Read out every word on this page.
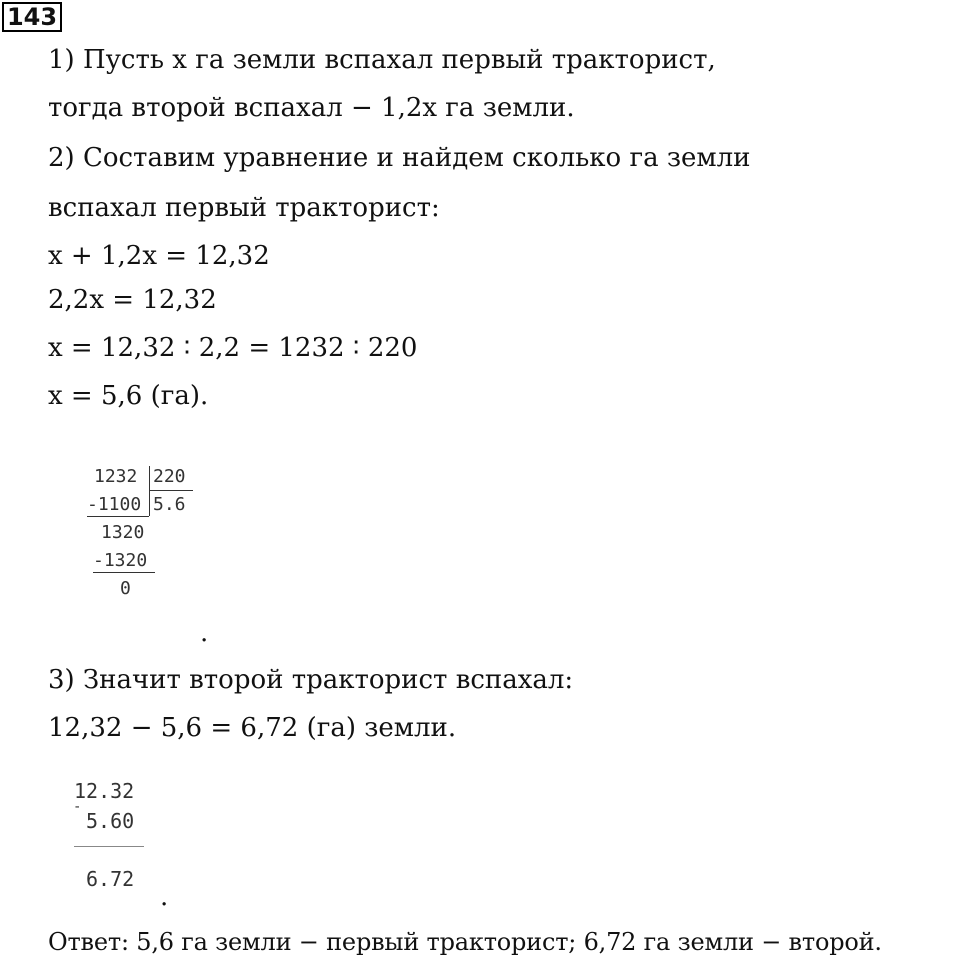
143
1) Пусть x га земли вспахал первый тракторист,
тогда второй вспахал − 1,2x га земли.
2) Составим уравнение и найдем сколько га земли
вспахал первый тракторист:
x + 1,2x = 12,32
2,2x = 12,32
x = 12,32 ∶ 2,2 = 1232 ∶ 220
x = 5,6 (га).
1232 220
-1100 5.6
1320
-1320
0
.
3) Значит второй тракторист вспахал:
12,32 − 5,6 = 6,72 (га) земли.
12.32
-
5.60
6.72
.
Ответ: 5,6 га земли − первый тракторист; 6,72 га земли − второй.
